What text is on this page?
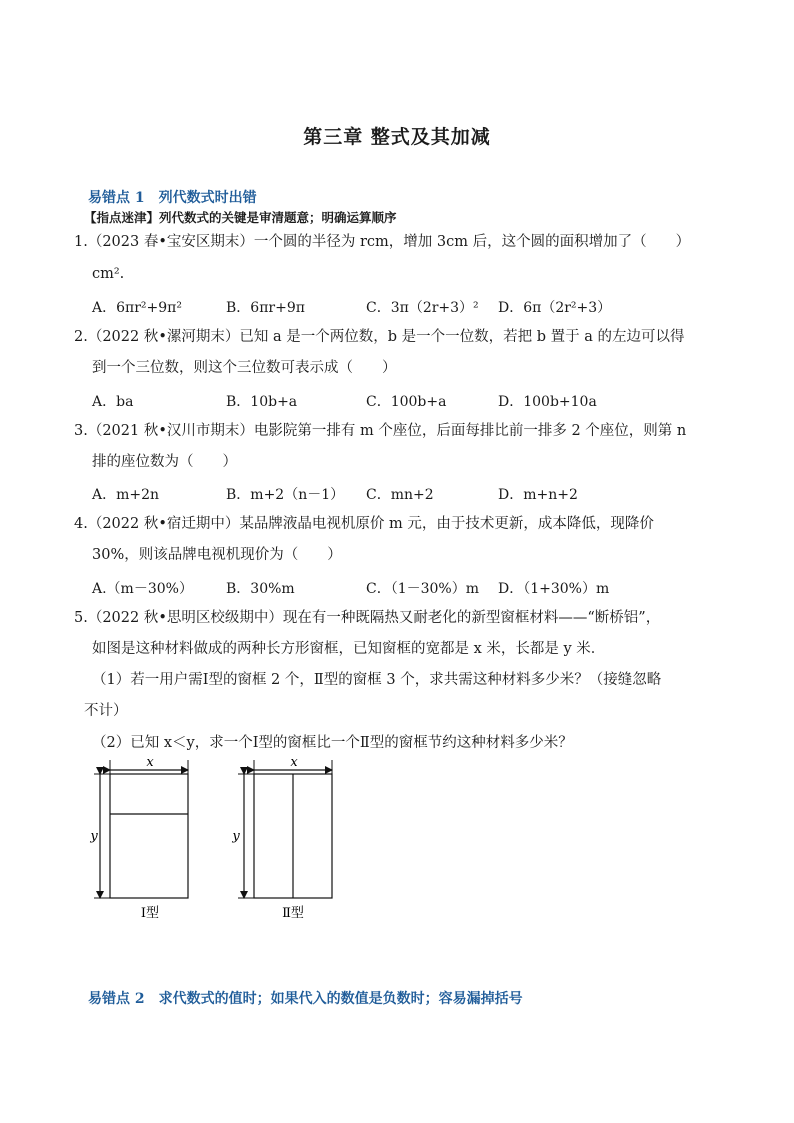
第三章 整式及其加减
易错点 1　列代数式时出错
【指点迷津】列代数式的关键是审清题意；明确运算顺序
1.（2023 春•宝安区期末）一个圆的半径为 rcm，增加 3cm 后，这个圆的面积增加了（　　）
cm².
A．6πr²+9π²	B．6πr+9π	C．3π（2r+3）² D．6π（2r²+3）
2.（2022 秋•漯河期末）已知 a 是一个两位数，b 是一个一位数，若把 b 置于 a 的左边可以得
到一个三位数，则这个三位数可表示成（　　）
A．ba	B．10b+a	C．100b+a	D．100b+10a
3.（2021 秋•汉川市期末）电影院第一排有 m 个座位，后面每排比前一排多 2 个座位，则第 n
排的座位数为（　　）
A．m+2n	B．m+2（n－1） C．mn+2	D．m+n+2
4.（2022 秋•宿迁期中）某品牌液晶电视机原价 m 元，由于技术更新，成本降低，现降价
30%，则该品牌电视机现价为（　　）
A.（m－30%） B．30%m	C．（1－30%）m D．（1+30%）m
5.（2022 秋•思明区校级期中）现在有一种既隔热又耐老化的新型窗框材料——“断桥铝”，
如图是这种材料做成的两种长方形窗框，已知窗框的宽都是 x 米，长都是 y 米．
（1）若一用户需Ⅰ型的窗框 2 个，Ⅱ型的窗框 3 个，求共需这种材料多少米？（接缝忽略
不计）
（2）已知 x＜y，求一个Ⅰ型的窗框比一个Ⅱ型的窗框节约这种材料多少米？
x
y
Ⅰ型
x
y
Ⅱ型
易错点 2　求代数式的值时；如果代入的数值是负数时；容易漏掉括号
